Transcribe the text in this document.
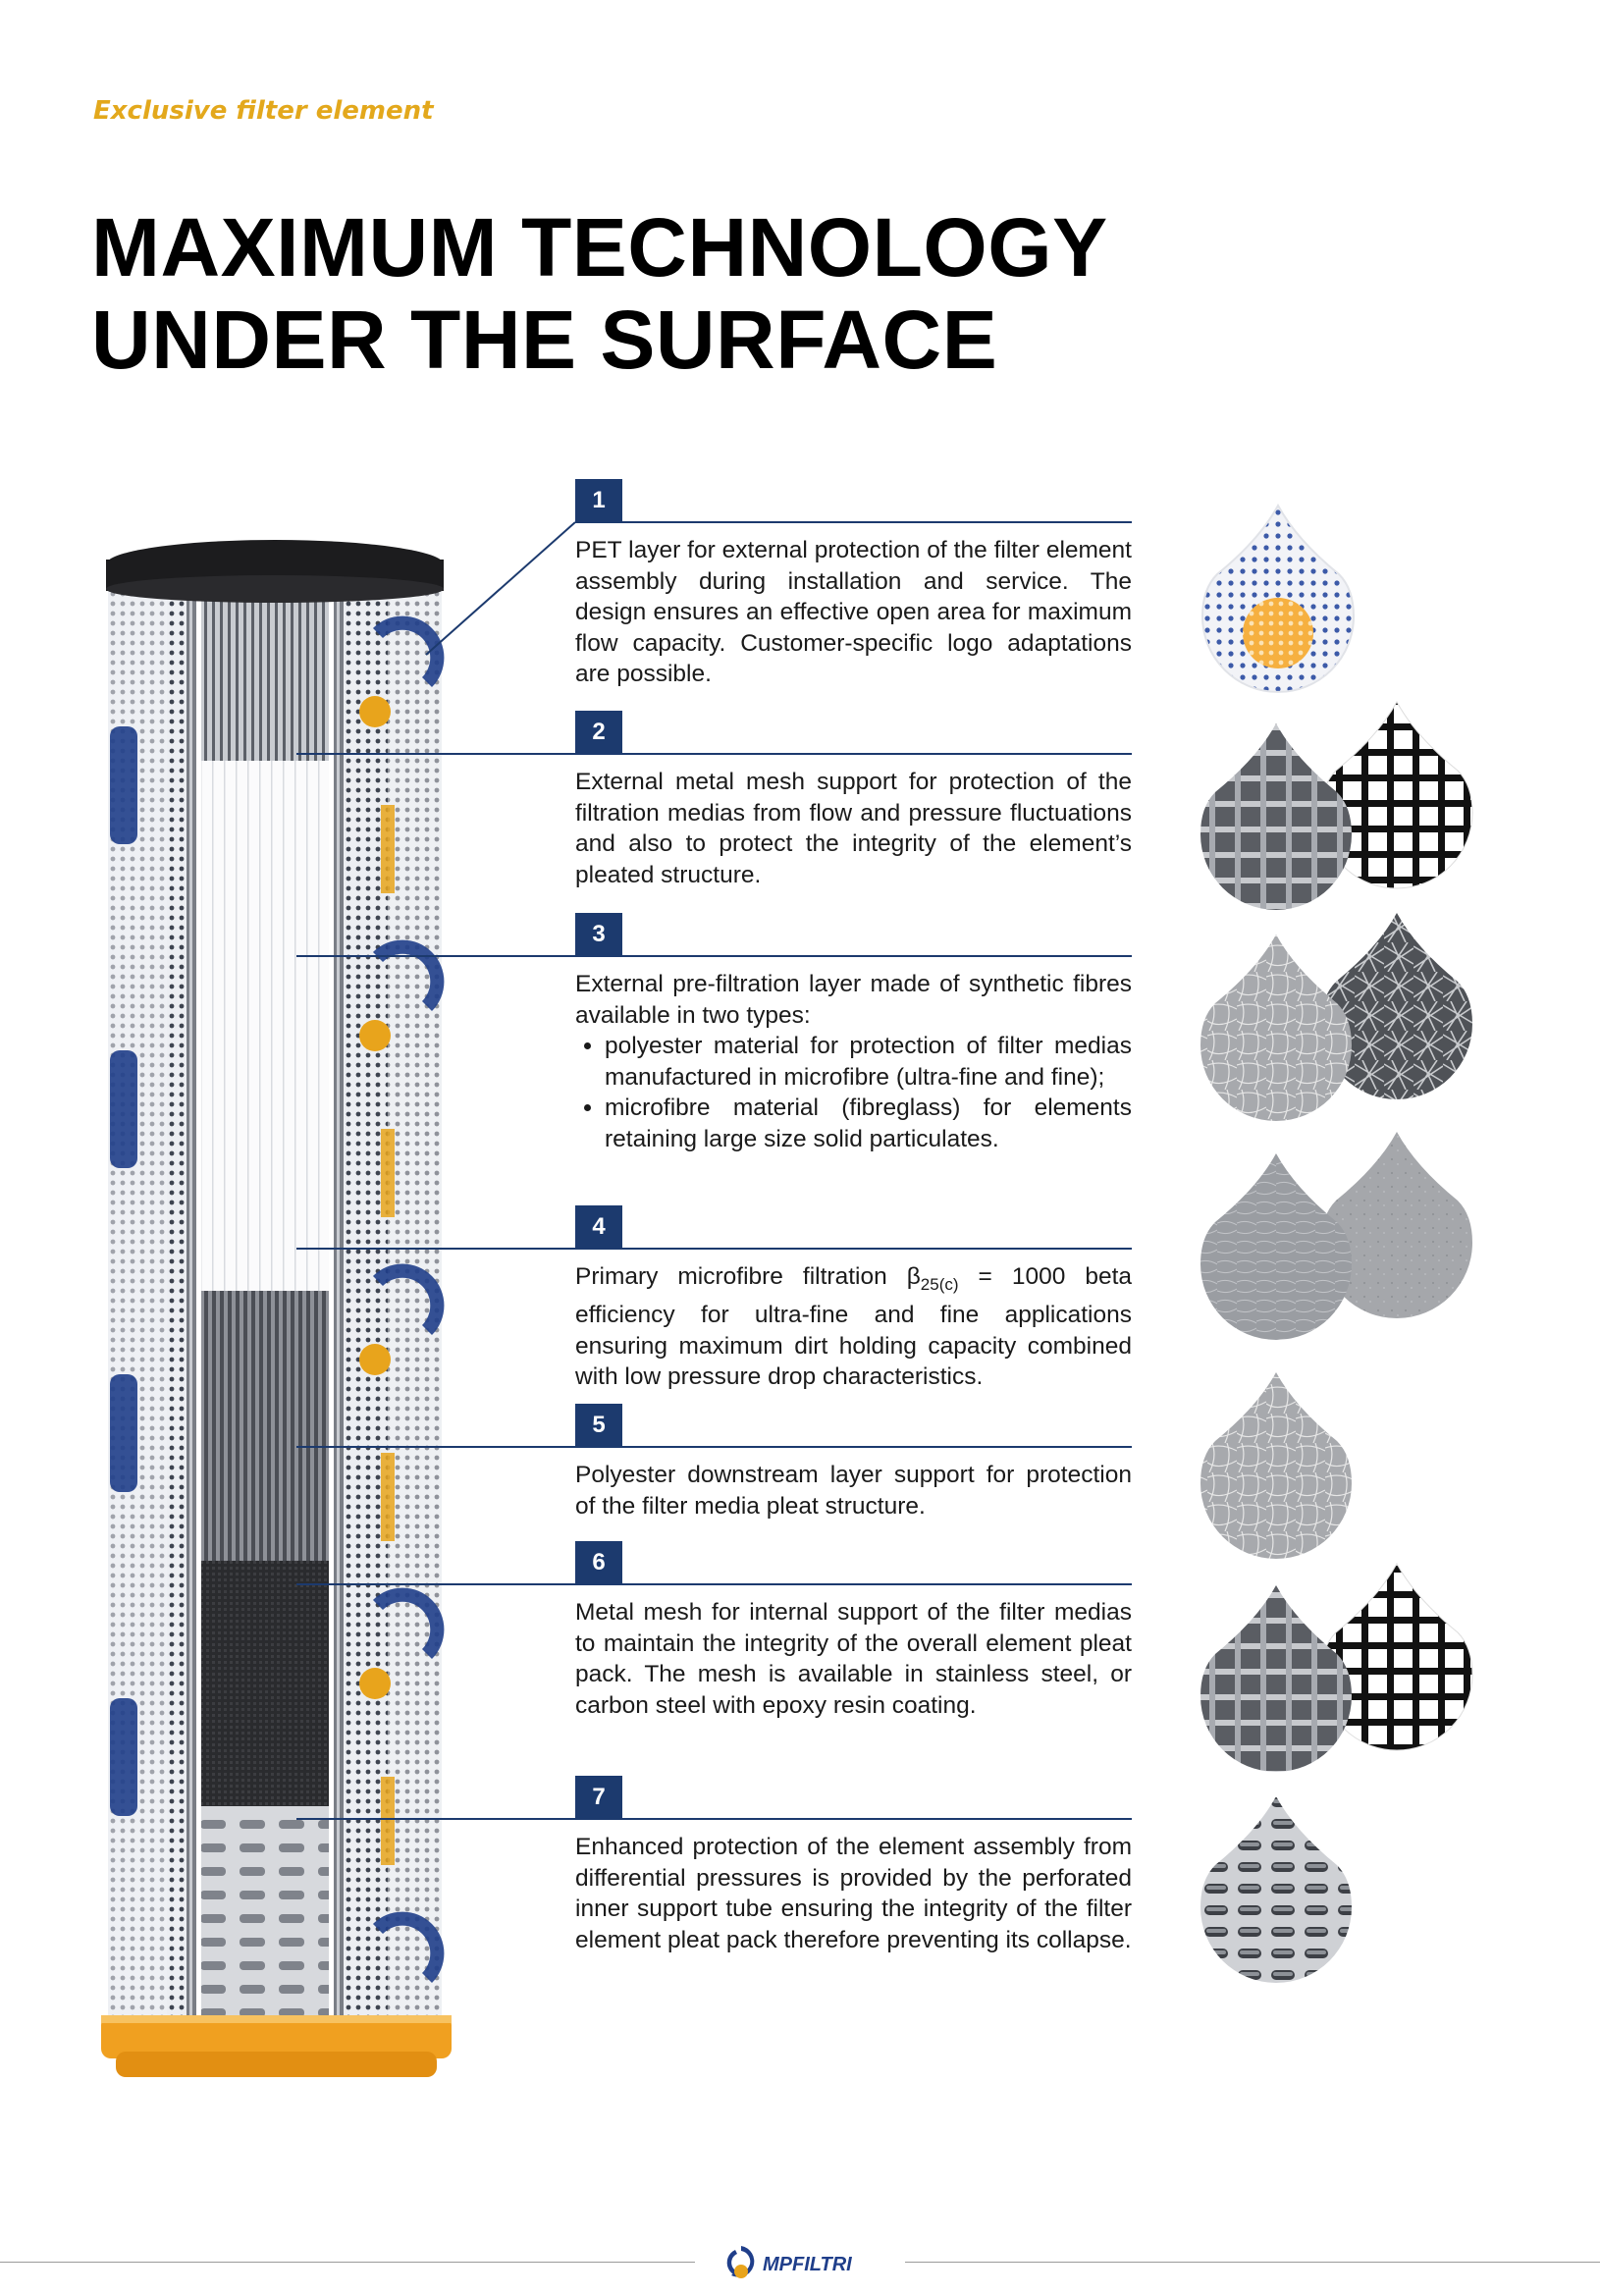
Exclusive filter element
MAXIMUM TECHNOLOGY
UNDER THE SURFACE
1
PET layer for external protection of the filter element assembly during installation and service. The design ensures an effective open area for maximum flow capacity. Customer-specific logo adaptations are possible.
2
External metal mesh support for protection of the filtration medias from flow and pressure fluctuations and also to protect the integrity of the element’s pleated structure.
3
External pre-filtration layer made of synthetic fibres available in two types:
• polyester material for protection of filter medias manufactured in microfibre (ultra-fine and fine);
• microfibre material (fibreglass) for elements retaining large size solid particulates.
4
Primary microfibre filtration $\beta_{25(c)} = 1000$ beta efficiency for ultra-fine and fine applications ensuring maximum dirt holding capacity combined with low pressure drop characteristics.
5
Polyester downstream layer support for protection of the filter media pleat structure.
6
Metal mesh for internal support of the filter medias to maintain the integrity of the overall element pleat pack. The mesh is available in stainless steel, or carbon steel with epoxy resin coating.
7
Enhanced protection of the element assembly from differential pressures is provided by the perforated inner support tube ensuring the integrity of the filter element pleat pack therefore preventing its collapse.
MPFILTRI
